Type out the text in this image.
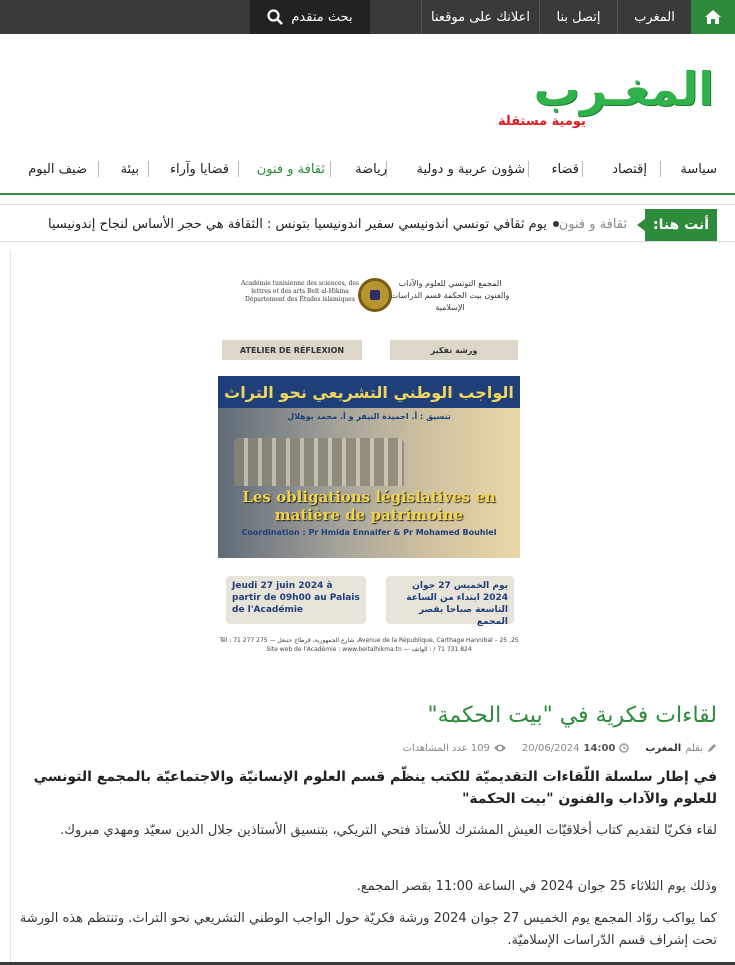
المغرب
إتصل بنا
اعلانك على موقعنا
بحث متقدم
المغـرب
يومية مستقلة
سياسة
إقتصاد
قضاء
شؤون عربية و دولية
رياضة
ثقافة و فنون
قضايا وآراء
بيئة
ضيف اليوم
أنت هنا:
ثقافة و فنون
يوم ثقافي تونسي اندونيسي سفير اندونيسيا بتونس : الثقافة هي حجر الأساس لنجاح إندونيسيا
Académie tunisienne des sciences, des lettres et des arts Beït al-Hikma Département des Études islamiques
المجمع التونسي للعلوم والآداب والفنون بيت الحكمة قسم الدراسات الإسلامية
ATELIER DE RÉFLEXION	ورشة تفكير
الواجب الوطني التشريعي نحو التراث
تنسيق : أ. احميدة النيفر و أ. محمد بوهلال
Les obligations législatives en matière de patrimoine
Coordination : Pr Hmida Ennaifer & Pr Mohamed Bouhlel
Jeudi 27 juin 2024 à partir de 09h00 au Palais de l'Académie
يوم الخميس 27 جوان 2024 ابتداء من الساعة التاسعة صباحا بقصر المجمع
25, Avenue de la République, Carthage Hannibal – 25، شارع الجمهورية، قرطاج حنبعل — Tél : 71 277 275 / 71 731 824 : الهاتف — Site web de l'Académie : www.beitalhikma.tn
لقاءات فكرية في "بيت الحكمة"
بقلم
المغرب
14:00
20/06/2024
109 عدد المشاهدات
في إطار سلسلة اللّقاءات التقديميّة للكتب ينظّم قسم العلوم الإنسانيّة والاجتماعيّة بالمجمع التونسي للعلوم والآداب والفنون "بيت الحكمة"
لقاء فكريّا لتقديم كتاب أخلاقيّات العيش المشترك للأستاذ فتحي التريكي، بتنسيق الأستاذين جلال الدين سعيّد ومهدي مبروك.
وذلك يوم الثلاثاء 25 جوان 2024 في الساعة 11:00 بقصر المجمع.
كما يواكب روّاد المجمع يوم الخميس 27 جوان 2024 ورشة فكريّة حول الواجب الوطني التشريعي نحو التراث. وتنتظم هذه الورشة تحت إشراف قسم الدّراسات الإسلاميّة.
